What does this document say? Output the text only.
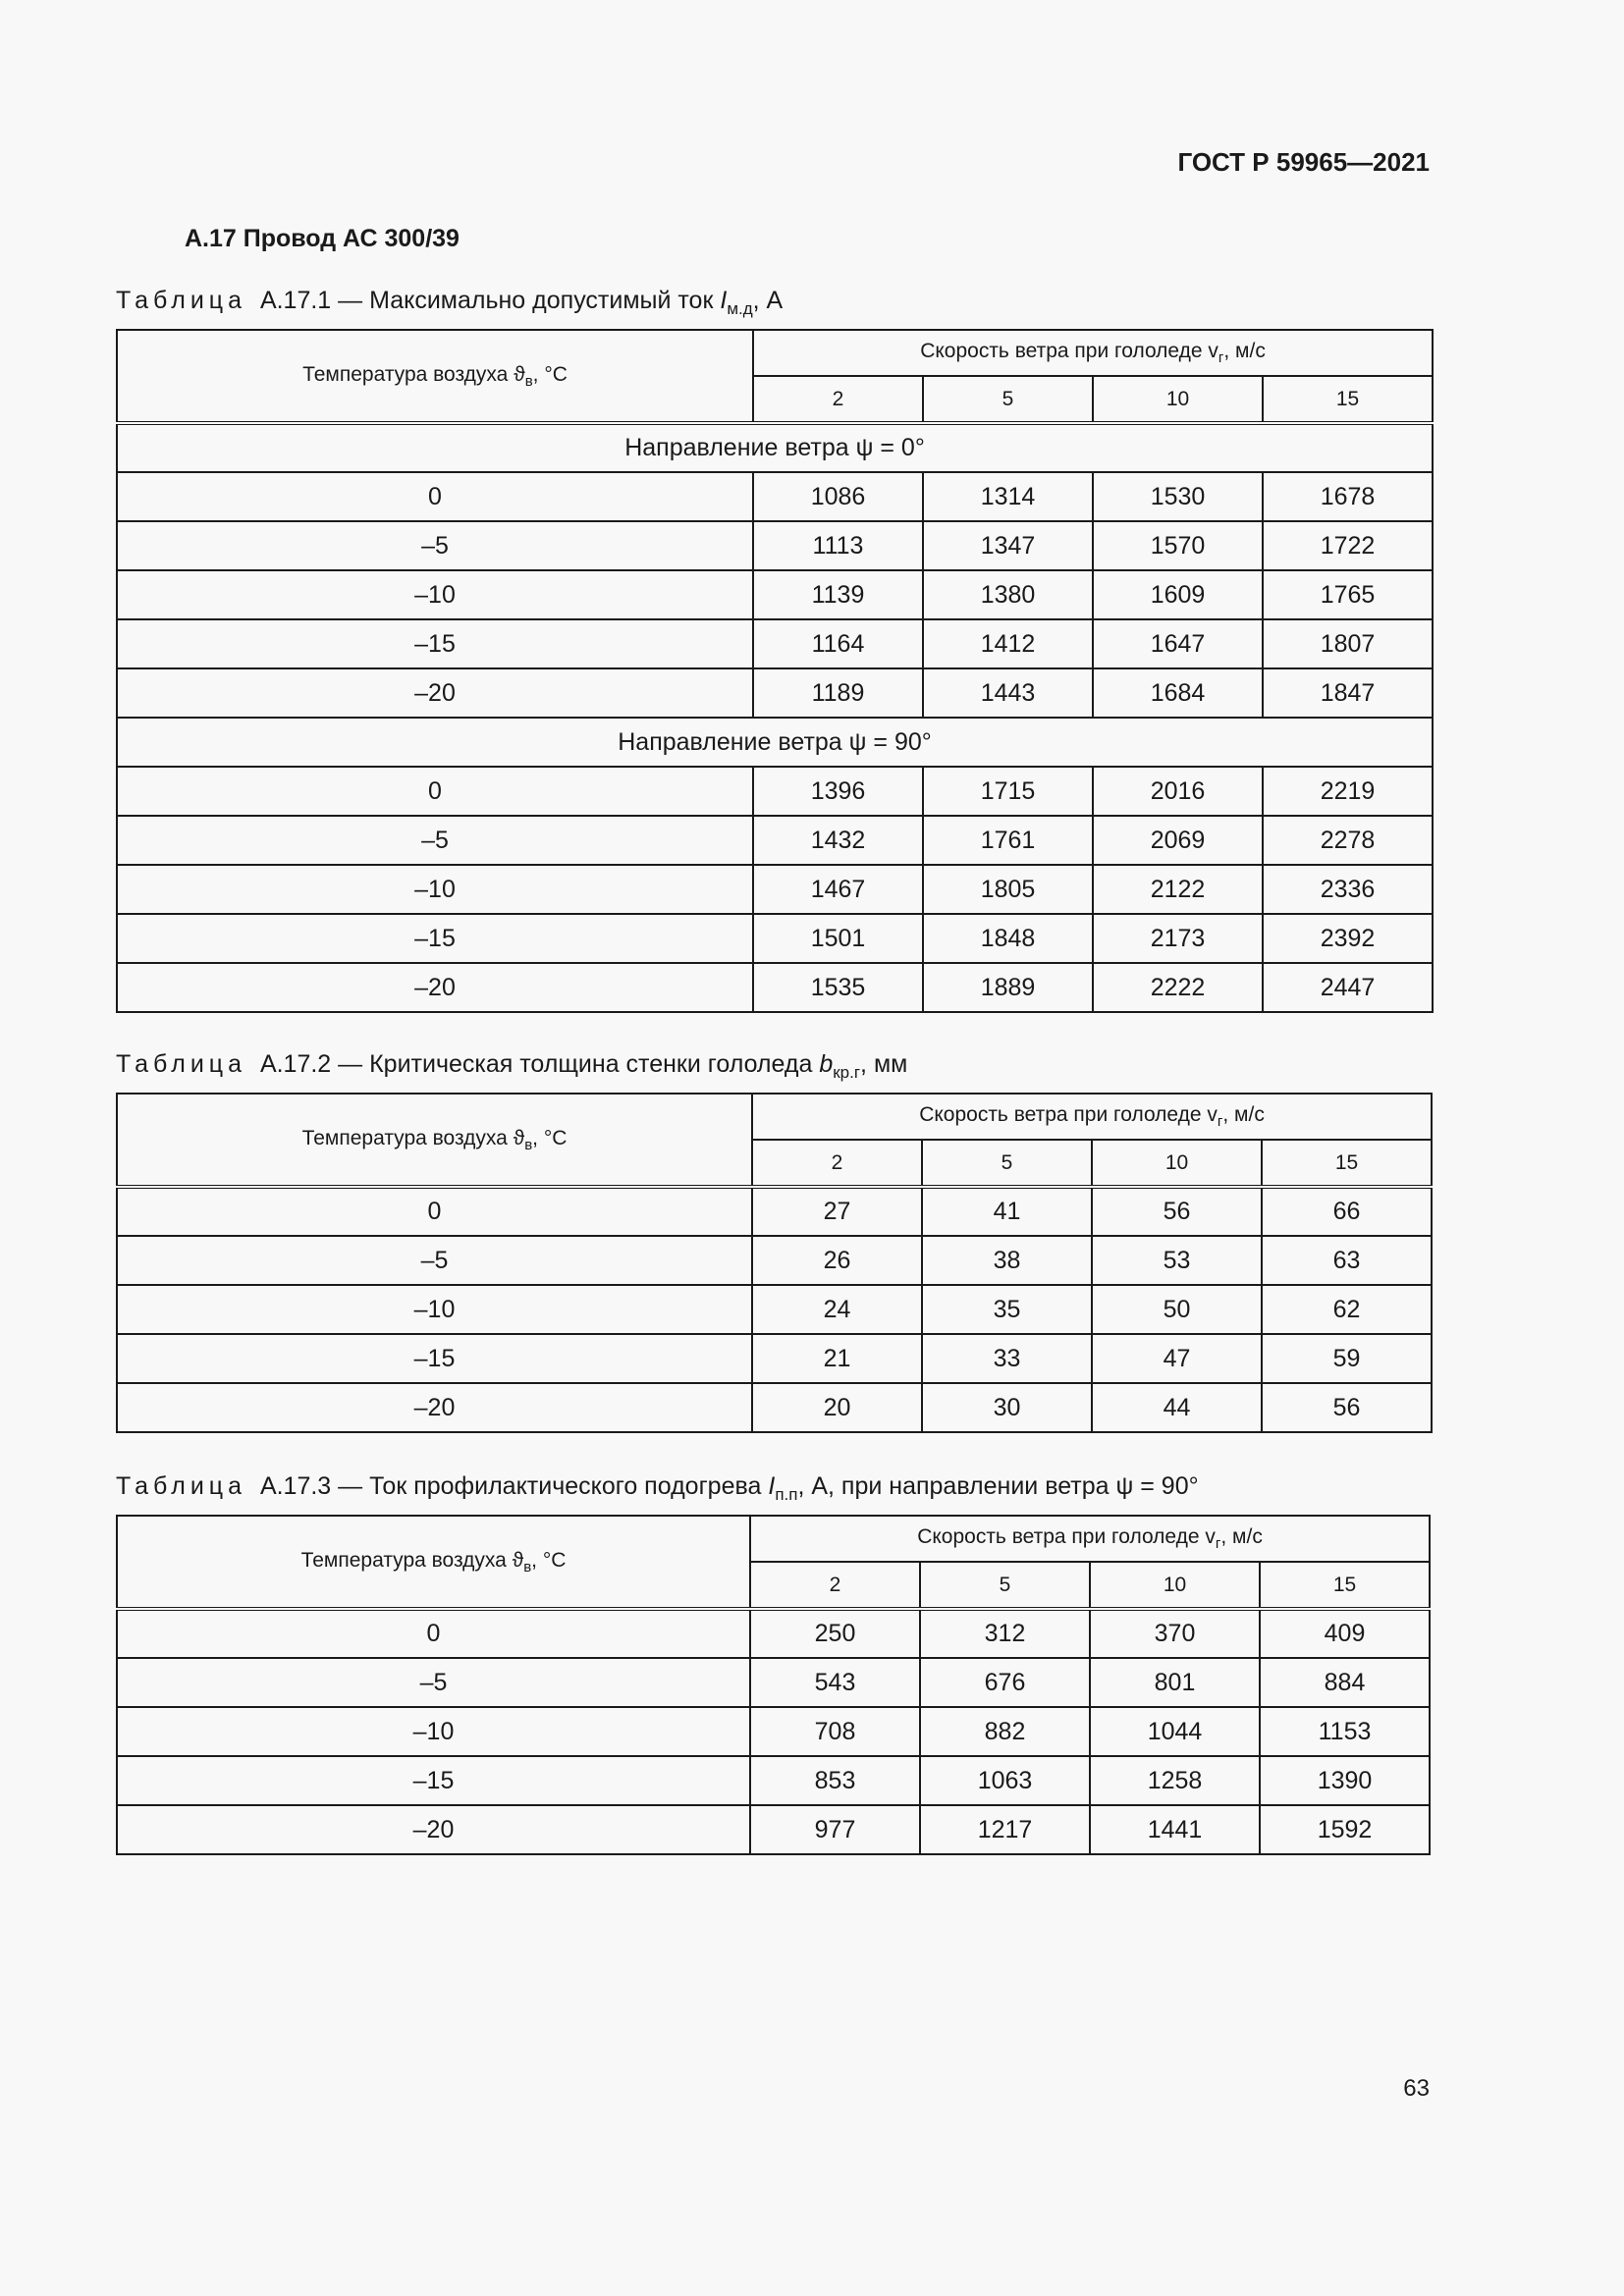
ГОСТ Р 59965—2021
А.17 Провод АС 300/39
Таблица А.17.1 — Максимально допустимый ток $I_{м.д}$, А
Температура воздуха $ϑ_в$, °С	Скорость ветра при гололеде $v_г$, м/с			
	2	5	10	15
Направление ветра ψ = 0°				
0	1086	1314	1530	1678
–5	1113	1347	1570	1722
–10	1139	1380	1609	1765
–15	1164	1412	1647	1807
–20	1189	1443	1684	1847
Направление ветра ψ = 90°				
0	1396	1715	2016	2219
–5	1432	1761	2069	2278
–10	1467	1805	2122	2336
–15	1501	1848	2173	2392
–20	1535	1889	2222	2447
Таблица А.17.2 — Критическая толщина стенки гололеда $b_{кр.г}$, мм
Температура воздуха $ϑ_в$, °С	Скорость ветра при гололеде $v_г$, м/с			
	2	5	10	15
0	27	41	56	66
–5	26	38	53	63
–10	24	35	50	62
–15	21	33	47	59
–20	20	30	44	56
Таблица А.17.3 — Ток профилактического подогрева $I_{п.п}$, А, при направлении ветра ψ = 90°
Температура воздуха $ϑ_в$, °С	Скорость ветра при гололеде $v_г$, м/с			
	2	5	10	15
0	250	312	370	409
–5	543	676	801	884
–10	708	882	1044	1153
–15	853	1063	1258	1390
–20	977	1217	1441	1592
63
